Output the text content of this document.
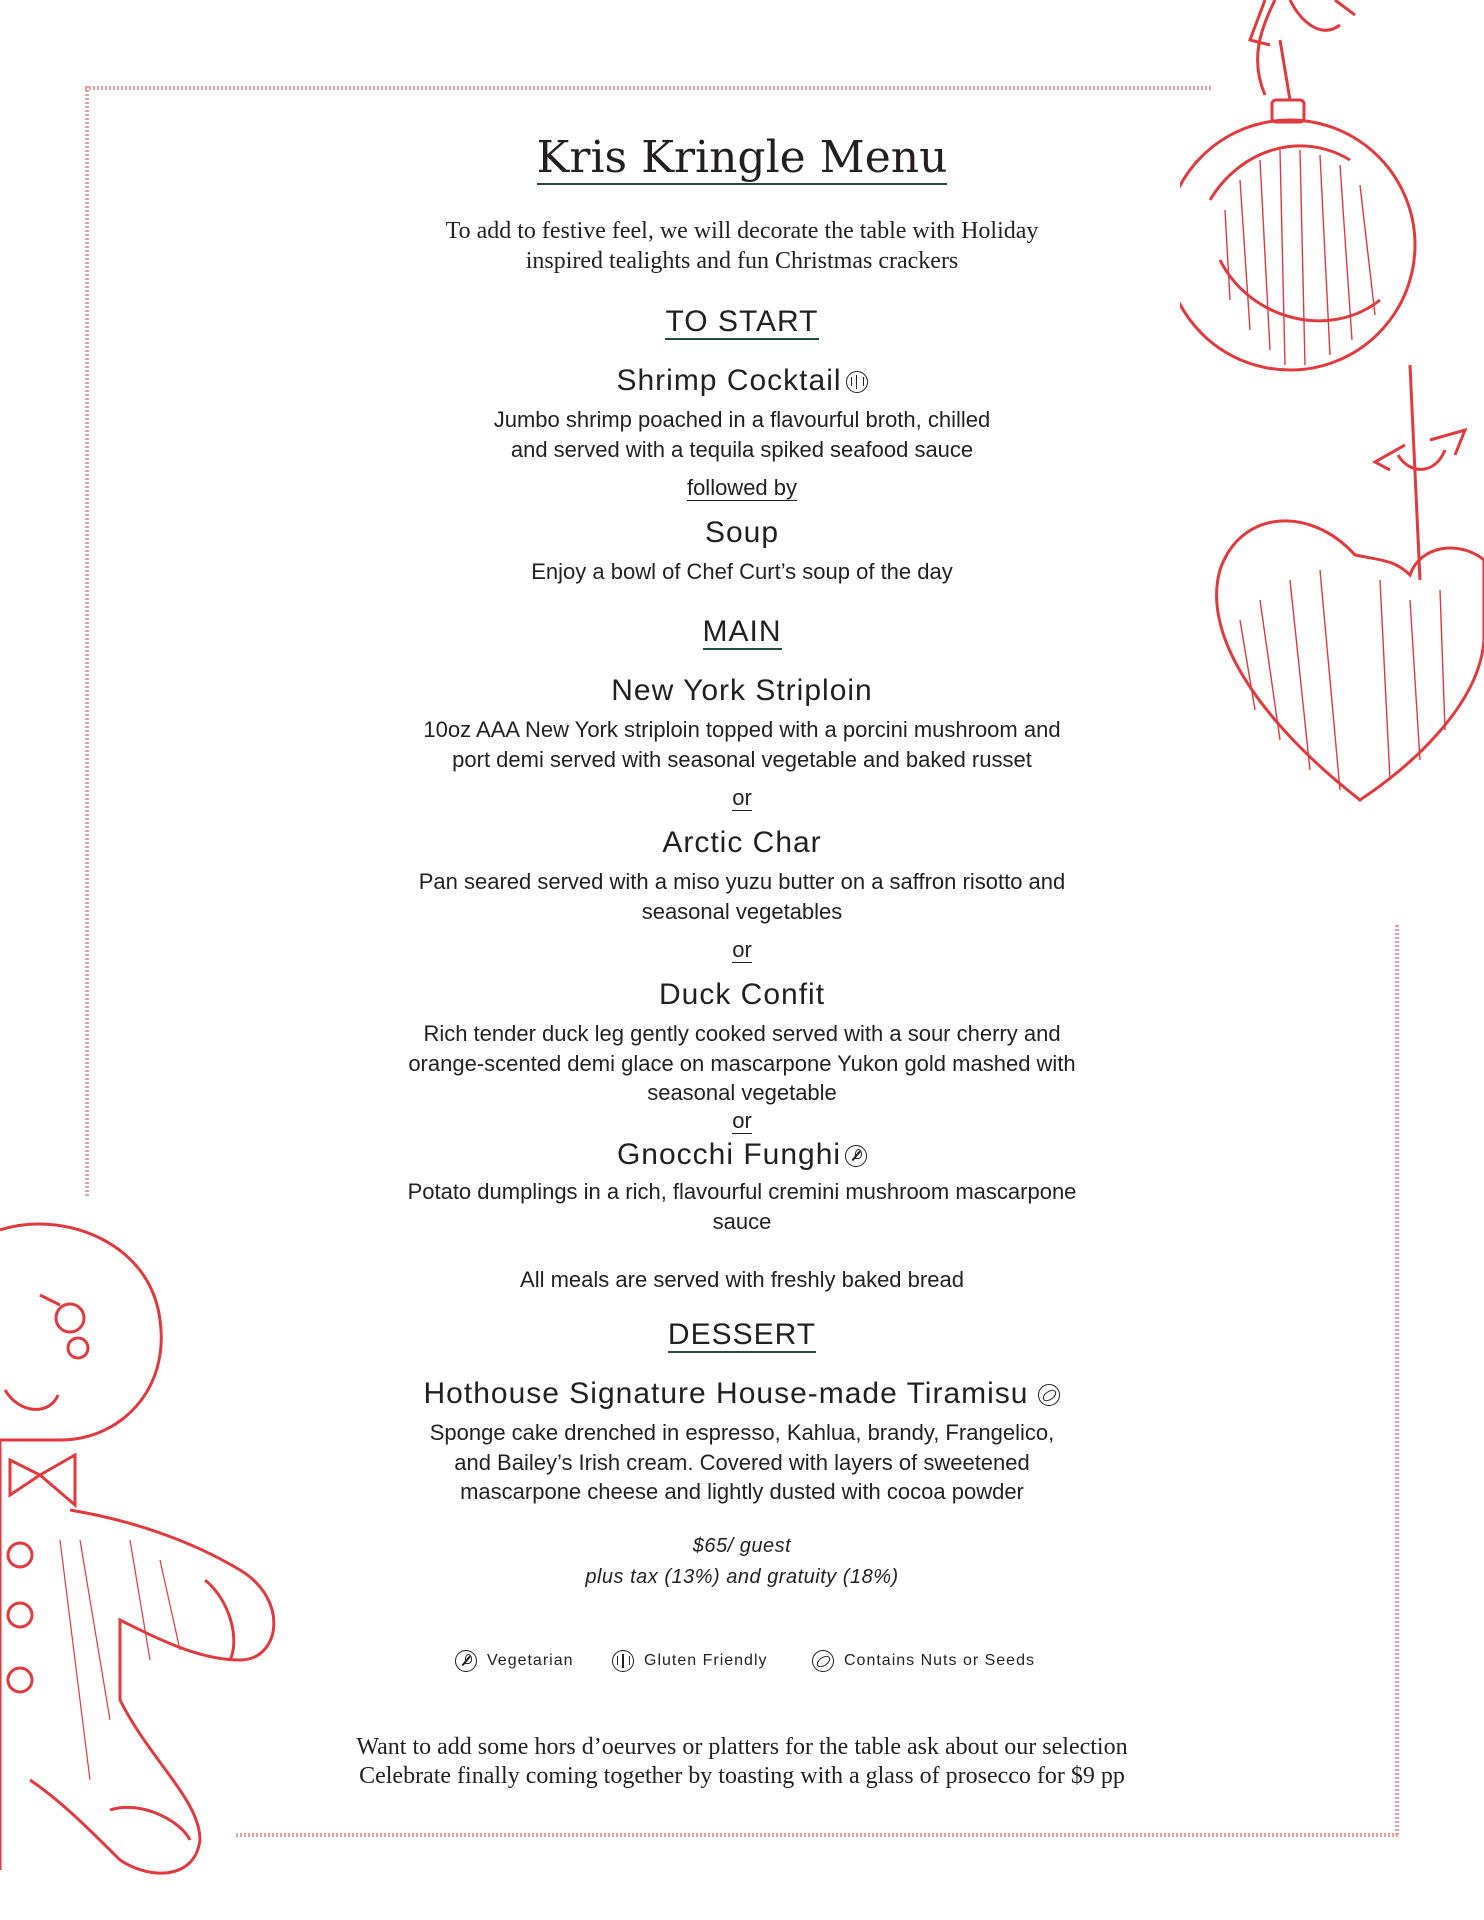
Kris Kringle Menu
To add to festive feel, we will decorate the table with Holiday
inspired tealights and fun Christmas crackers
TO START
Shrimp Cocktail
Jumbo shrimp poached in a flavourful broth, chilled
and served with a tequila spiked seafood sauce
followed by
Soup
Enjoy a bowl of Chef Curt’s soup of the day
MAIN
New York Striploin
10oz AAA New York striploin topped with a porcini mushroom and
port demi served with seasonal vegetable and baked russet
or
Arctic Char
Pan seared served with a miso yuzu butter on a saffron risotto and
seasonal vegetables
or
Duck Confit
Rich tender duck leg gently cooked served with a sour cherry and
orange-scented demi glace on mascarpone Yukon gold mashed with
seasonal vegetable
or
Gnocchi Funghi
Potato dumplings in a rich, flavourful cremini mushroom mascarpone
sauce
All meals are served with freshly baked bread
DESSERT
Hothouse Signature House-made Tiramisu
Sponge cake drenched in espresso, Kahlua, brandy, Frangelico,
and Bailey’s Irish cream. Covered with layers of sweetened
mascarpone cheese and lightly dusted with cocoa powder
$65/ guest
plus tax (13%) and gratuity (18%)
Want to add some hors d’oeurves or platters for the table ask about our selection
Celebrate finally coming together by toasting with a glass of prosecco for $9 pp
Vegetarian	Gluten Friendly	Contains Nuts or Seeds
